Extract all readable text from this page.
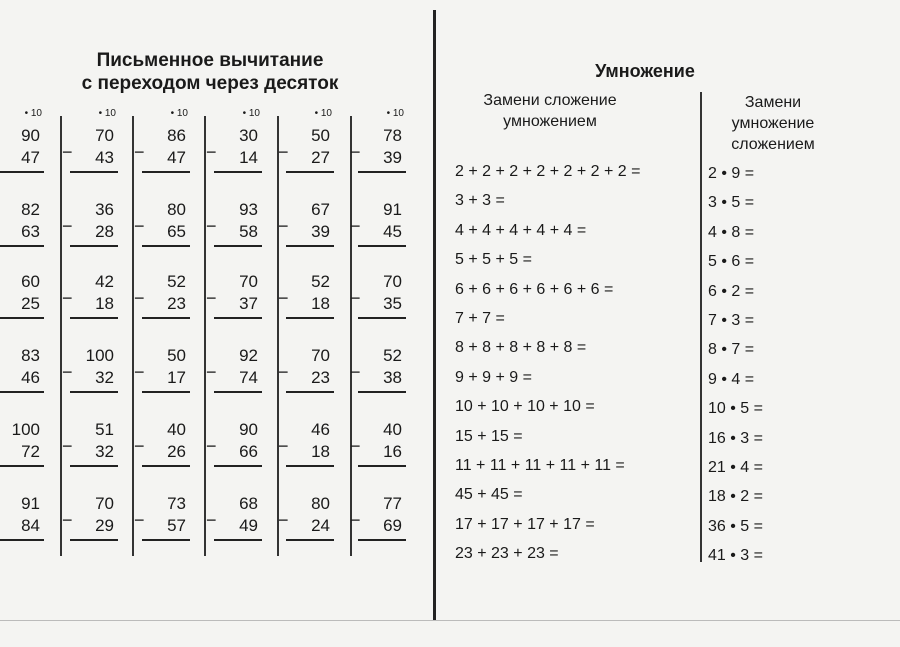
Письменное вычитание
с переходом через десяток
• 10
90
47
82
63
60
25
83
46
100
72
91
84
• 10
70
− 43
36
− 28
42
− 18
100
− 32
51
− 32
70
− 29
• 10
86
− 47
80
− 65
52
− 23
50
− 17
40
− 26
73
− 57
• 10
30
− 14
93
− 58
70
− 37
92
− 74
90
− 66
68
− 49
• 10
50
− 27
67
− 39
52
− 18
70
− 23
46
− 18
80
− 24
• 10
78
− 39
91
− 45
70
− 35
52
− 38
40
− 16
77
− 69
Умножение
Замени сложение умножением
Замени умножение сложением
2 + 2 + 2 + 2 + 2 + 2 + 2 =
3 + 3 =
4 + 4 + 4 + 4 + 4 =
5 + 5 + 5 =
6 + 6 + 6 + 6 + 6 + 6 =
7 + 7 =
8 + 8 + 8 + 8 + 8 =
9 + 9 + 9 =
10 + 10 + 10 + 10 =
15 + 15 =
11 + 11 + 11 + 11 + 11 =
45 + 45 =
17 + 17 + 17 + 17 =
23 + 23 + 23 =
2 • 9 =
3 • 5 =
4 • 8 =
5 • 6 =
6 • 2 =
7 • 3 =
8 • 7 =
9 • 4 =
10 • 5 =
16 • 3 =
21 • 4 =
18 • 2 =
36 • 5 =
41 • 3 =
